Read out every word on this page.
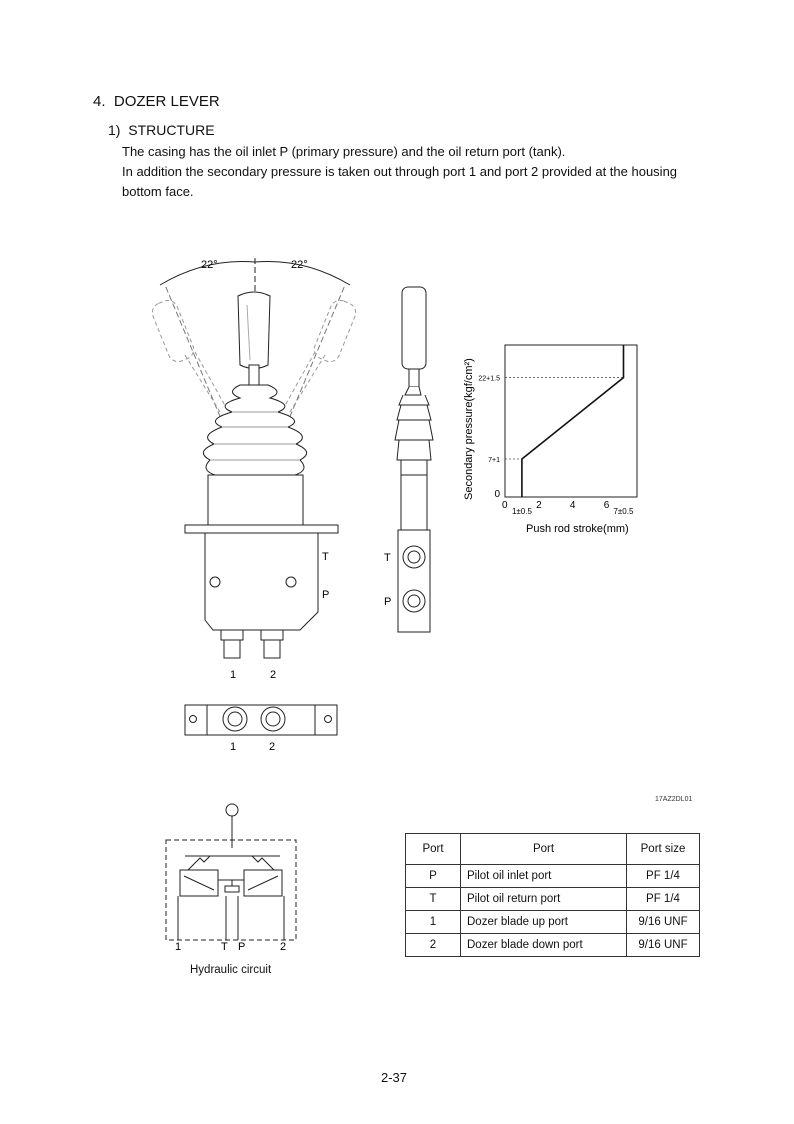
4. DOZER LEVER
1) STRUCTURE

The casing has the oil inlet P (primary pressure) and the oil return port (tank).

In addition the secondary pressure is taken out through port 1 and port 2 provided at the housing bottom face.

22°	22°
T
P
1	2
T
P
1	2
17AZ2DL01
0
1±0.5
2	4	6
7±0.5
0
7+1
22+1.5
Push rod stroke(mm)
Secondary pressure(kgf/cm²)
1	T P	2
Hydraulic circuit
Port	Port	Port size
P	Pilot oil inlet port	PF 1/4
T	Pilot oil return port	PF 1/4
1	Dozer blade up port	9/16 UNF
2	Dozer blade down port	9/16 UNF
2-37
